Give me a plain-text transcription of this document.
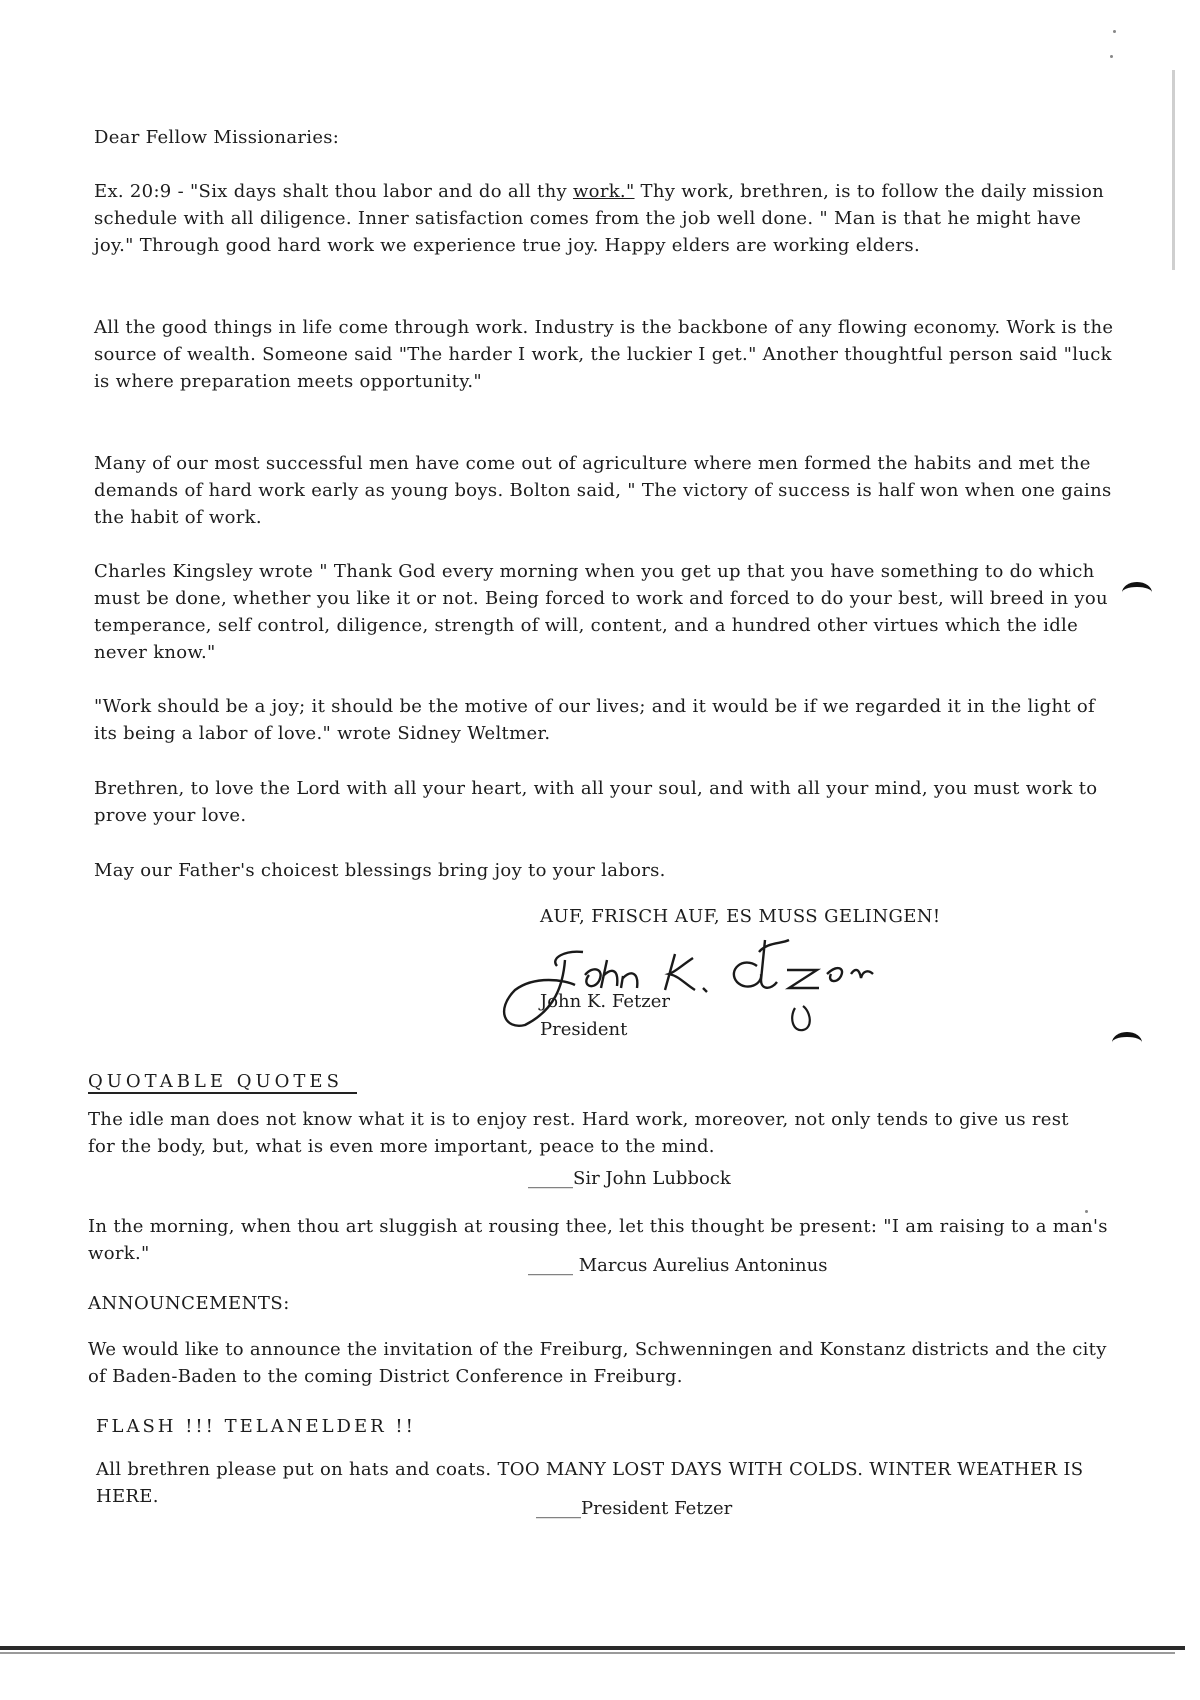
Dear Fellow Missionaries:

Ex. 20:9 - "Six days shalt thou labor and do all thy work." Thy work, brethren, is to follow the daily mission schedule with all diligence. Inner satisfaction comes from the job well done. " Man is that he might have joy." Through good hard work we experience true joy. Happy elders are working elders.

All the good things in life come through work. Industry is the backbone of any flowing economy. Work is the source of wealth. Someone said "The harder I work, the luckier I get." Another thoughtful person said "luck is where preparation meets opportunity."
Many of our most successful men have come out of agriculture where men formed the habits and met the demands of hard work early as young boys. Bolton said, " The victory of success is half won when one gains the habit of work.
Charles Kingsley wrote " Thank God every morning when you get up that you have something to do which must be done, whether you like it or not. Being forced to work and forced to do your best, will breed in you temperance, self control, diligence, strength of will, content, and a hundred other virtues which the idle never know."
"Work should be a joy; it should be the motive of our lives; and it would be if we regarded it in the light of its being a labor of love." wrote Sidney Weltmer.
Brethren, to love the Lord with all your heart, with all your soul, and with all your mind, you must work to prove your love.
May our Father's choicest blessings bring joy to your labors.
AUF, FRISCH AUF, ES MUSS GELINGEN!
John K. Fetzer
President
QUOTABLE QUOTES
The idle man does not know what it is to enjoy rest. Hard work, moreover, not only tends to give us rest for the body, but, what is even more important, peace to the mind.
_____Sir John Lubbock
In the morning, when thou art sluggish at rousing thee, let this thought be present: "I am raising to a man's work."
_____ Marcus Aurelius Antoninus
ANNOUNCEMENTS:
We would like to announce the invitation of the Freiburg, Schwenningen and Konstanz districts and the city of Baden-Baden to the coming District Conference in Freiburg.
FLASH !!! TELANELDER !!
All brethren please put on hats and coats. TOO MANY LOST DAYS WITH COLDS. WINTER WEATHER IS HERE.
_____President Fetzer
